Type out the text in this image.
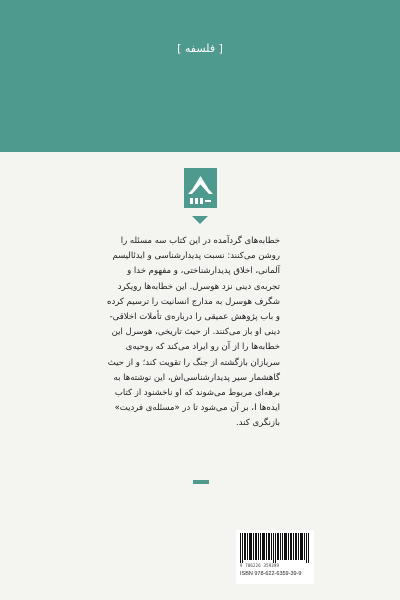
[ فلسفه ]
خطابه‌های گردآمده در این کتاب سه مسئله را
روشن می‌کنند: نسبت پدیدارشناسی و ایدئالیسم
آلمانی، اخلاق پدیدارشناختی، و مفهوم خدا و
تجربه‌ی دینی نزد هوسرل. این خطابه‌ها رویکرد
شگرف هوسرل به مدارج انسانیت را ترسیم کرده
و باب پژوهش عمیقی را درباره‌ی تأملات اخلاقی-
دینی او باز می‌کنند. از حیث تاریخی، هوسرل این
خطابه‌ها را از آن رو ایراد می‌کند که روحیه‌ی
سربازان بازگشته از جنگ را تقویت کند؛ و از حیث
گاهشمار سیر پدیدارشناسی‌اش، این نوشته‌ها به
برهه‌ای مربوط می‌شوند که او ناخشنود از کتاب
ایده‌ها I، بر آن می‌شود تا در «مسئله‌ی فردیت»
بازنگری کند.
9 786226 359399
ISBN 978-622-6359-39-9
